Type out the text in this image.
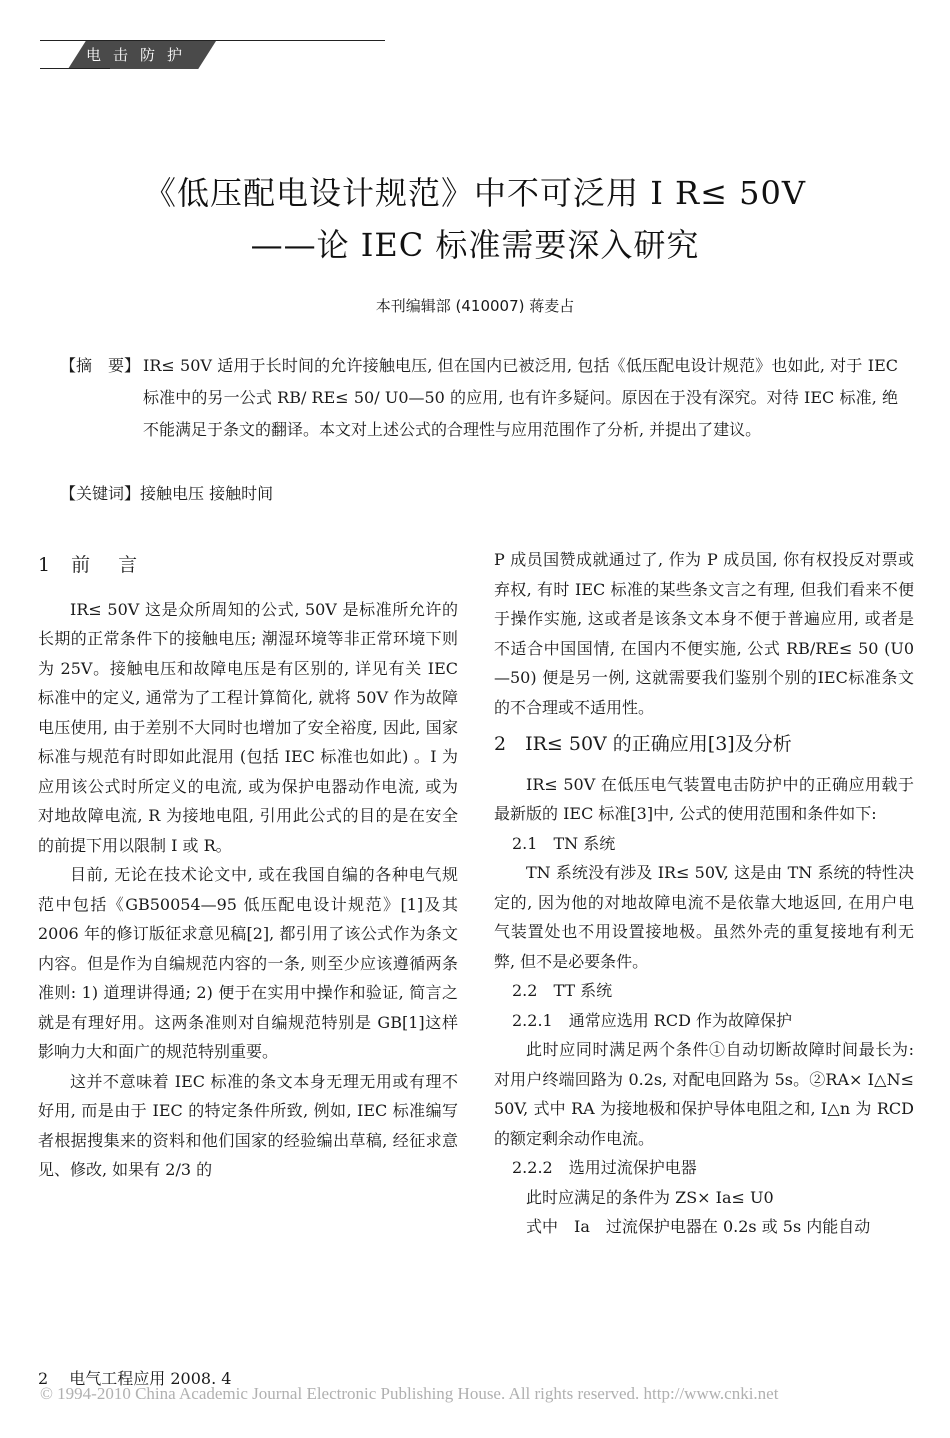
电击防护
《低压配电设计规范》中不可泛用 I R≤ 50V
——论 IEC 标准需要深入研究
本刊编辑部 (410007) 蒋麦占
【摘　要】 IR≤ 50V 适用于长时间的允许接触电压, 但在国内已被泛用, 包括《低压配电设计规范》也如此, 对于 IEC 标准中的另一公式 RB/ RE≤ 50/ U0—50 的应用, 也有许多疑问。原因在于没有深究。对待 IEC 标准, 绝不能满足于条文的翻译。本文对上述公式的合理性与应用范围作了分析, 并提出了建议。
【关键词】接触电压 接触时间

1　前　 言

IR≤ 50V 这是众所周知的公式, 50V 是标准所允许的长期的正常条件下的接触电压; 潮湿环境等非正常环境下则为 25V。接触电压和故障电压是有区别的, 详见有关 IEC 标准中的定义, 通常为了工程计算简化, 就将 50V 作为故障电压使用, 由于差别不大同时也增加了安全裕度, 因此, 国家标准与规范有时即如此混用 (包括 IEC 标准也如此) 。I 为应用该公式时所定义的电流, 或为保护电器动作电流, 或为对地故障电流, R 为接地电阻, 引用此公式的目的是在安全的前提下用以限制 I 或 R。

目前, 无论在技术论文中, 或在我国自编的各种电气规范中包括《GB50054—95 低压配电设计规范》[1]及其 2006 年的修订版征求意见稿[2], 都引用了该公式作为条文内容。但是作为自编规范内容的一条, 则至少应该遵循两条准则: 1) 道理讲得通; 2) 便于在实用中操作和验证, 简言之就是有理好用。这两条准则对自编规范特别是 GB[1]这样影响力大和面广的规范特别重要。

这并不意味着 IEC 标准的条文本身无理无用或有理不好用, 而是由于 IEC 的特定条件所致, 例如, IEC 标准编写者根据搜集来的资料和他们国家的经验编出草稿, 经征求意见、修改, 如果有 2/3 的

P 成员国赞成就通过了, 作为 P 成员国, 你有权投反对票或弃权, 有时 IEC 标准的某些条文言之有理, 但我们看来不便于操作实施, 这或者是该条文本身不便于普遍应用, 或者是不适合中国国情, 在国内不便实施, 公式 RB/RE≤ 50 (U0—50) 便是另一例, 这就需要我们鉴别个别的IEC标准条文的不合理或不适用性。

2　IR≤ 50V 的正确应用[3]及分析

IR≤ 50V 在低压电气装置电击防护中的正确应用载于最新版的 IEC 标准[3]中, 公式的使用范围和条件如下:

2.1　TN 系统

TN 系统没有涉及 IR≤ 50V, 这是由 TN 系统的特性决定的, 因为他的对地故障电流不是依靠大地返回, 在用户电气装置处也不用设置接地极。虽然外壳的重复接地有利无弊, 但不是必要条件。

2.2　TT 系统

2.2.1　通常应选用 RCD 作为故障保护

此时应同时满足两个条件①自动切断故障时间最长为: 对用户终端回路为 0.2s, 对配电回路为 5s。②RA× I△N≤ 50V, 式中 RA 为接地极和保护导体电阻之和, I△n 为 RCD 的额定剩余动作电流。

2.2.2　选用过流保护电器

此时应满足的条件为 ZS× Ia≤ U0

式中　Ia　过流保护电器在 0.2s 或 5s 内能自动

2　 电气工程应用 2008. 4
© 1994-2010 China Academic Journal Electronic Publishing House. All rights reserved. http://www.cnki.net
